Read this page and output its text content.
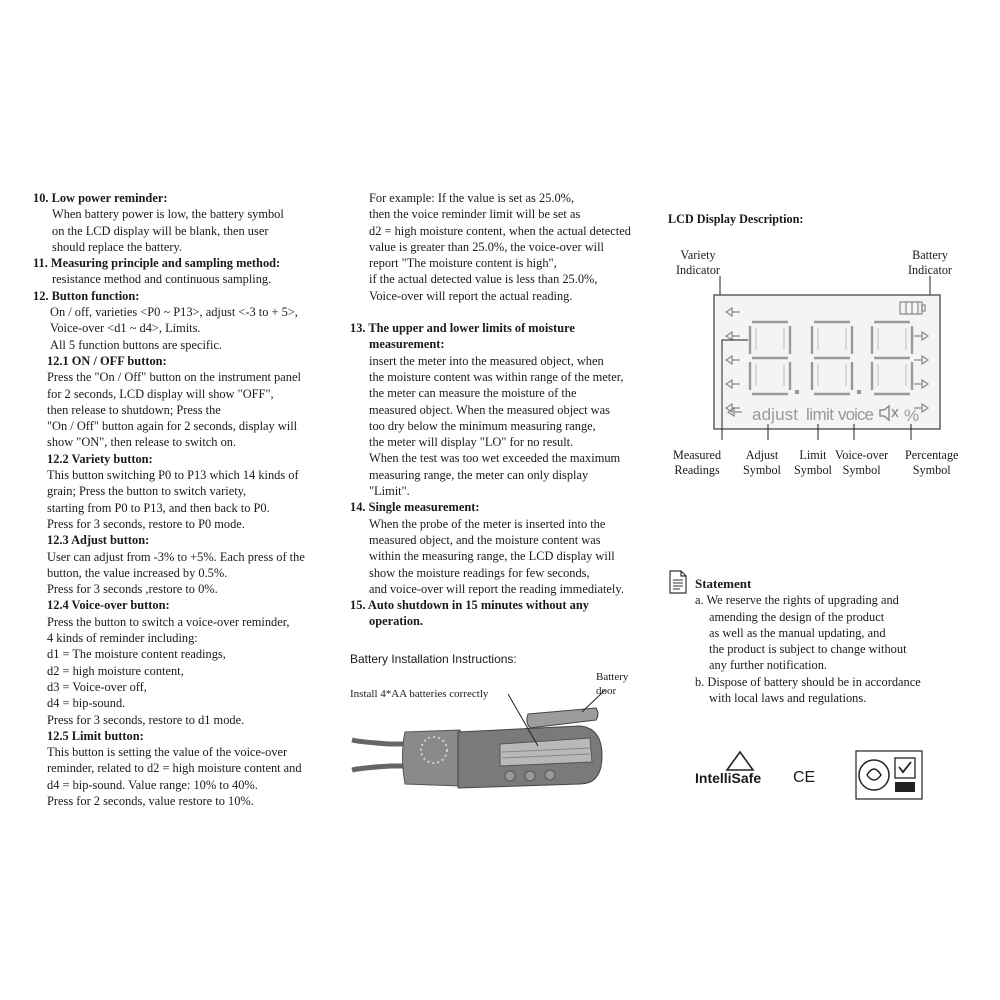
10. Low power reminder:
When battery power is low, the battery symbol
on the LCD display will be blank, then user
should replace the battery.
11. Measuring principle and sampling method:
resistance method and continuous sampling.
12. Button function:
On / off, varieties <P0 ~ P13>, adjust <-3 to + 5>,
Voice-over <d1 ~ d4>, Limits.
All 5 function buttons are specific.
12.1 ON / OFF button:
Press the "On / Off" button on the instrument panel
for 2 seconds, LCD display will show "OFF",
then release to shutdown; Press the
"On / Off" button again for 2 seconds, display will
show "ON", then release to switch on.
12.2 Variety button:
This button switching P0 to P13 which 14 kinds of
grain; Press the button to switch variety,
starting from P0 to P13, and then back to P0.
Press for 3 seconds, restore to P0 mode.
12.3 Adjust button:
User can adjust from -3% to +5%. Each press of the
button, the value increased by 0.5%.
Press for 3 seconds ,restore to 0%.
12.4 Voice-over button:
Press the button to switch a voice-over reminder,
4 kinds of reminder including:
d1 = The moisture content readings,
d2 = high moisture content,
d3 = Voice-over off,
d4 = bip-sound.
Press for 3 seconds, restore to d1 mode.
12.5 Limit button:
This button is setting the value of the voice-over
reminder, related to d2 = high moisture content and
d4 = bip-sound. Value range: 10% to 40%.
Press for 2 seconds, value restore to 10%.
For example: If the value is set as 25.0%,
then the voice reminder limit will be set as
d2 = high moisture content, when the actual detected
value is greater than 25.0%, the voice-over will
report "The moisture content is high",
if the actual detected value is less than 25.0%,
Voice-over will report the actual reading.
13. The upper and lower limits of moisture
measurement:
insert the meter into the measured object, when
the moisture content was within range of the meter,
the meter can measure the moisture of the
measured object. When the measured object was
too dry below the minimum measuring range,
the meter will display "LO" for no result.
When the test was too wet exceeded the maximum
measuring range, the meter can only display
"Limit".
14. Single measurement:
When the probe of the meter is inserted into the
measured object, and the moisture content was
within the measuring range, the LCD display will
show the moisture readings for few seconds,
and voice-over will report the reading immediately.
15. Auto shutdown in 15 minutes without any
operation.
Battery Installation Instructions:
Install 4*AA batteries correctly
Battery
door
LCD Display Description:
Variety
Indicator
Battery
Indicator
8.8.8
adjust limit voice %
Measured
Readings
Adjust
Symbol
Limit
Symbol
Voice-over
Symbol
Percentage
Symbol
Statement
a. We reserve the rights of upgrading and
amending the design of the product
as well as the manual updating, and
the product is subject to change without
any further notification.
b. Dispose of battery should be in accordance
with local laws and regulations.
IntelliSafe CE
